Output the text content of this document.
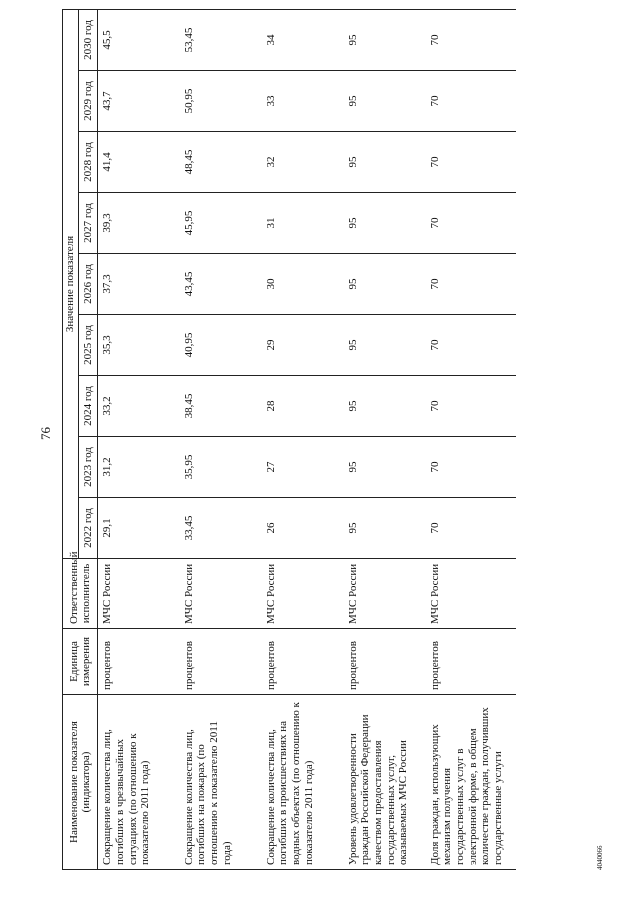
76
4040066
Наименование показателя (индикатора)	Единица измерения	Ответственный исполнитель	Значение показателя								
			2022 год	2023 год	2024 год	2025 год	2026 год	2027 год	2028 год	2029 год	2030 год
Сокращение количества лиц, погибших в чрезвычайных ситуациях (по отношению к показателю 2011 года)	процентов	МЧС России	29,1	31,2	33,2	35,3	37,3	39,3	41,4	43,7	45,5
Сокращение количества лиц, погибших на пожарах (по отношению к показателю 2011 года)	процентов	МЧС России	33,45	35,95	38,45	40,95	43,45	45,95	48,45	50,95	53,45
Сокращение количества лиц, погибших в происшествиях на водных объектах (по отношению к показателю 2011 года)	процентов	МЧС России	26	27	28	29	30	31	32	33	34
Уровень удовлетворенности граждан Российской Федерации качеством предоставления государственных услуг, оказываемых МЧС России	процентов	МЧС России	95	95	95	95	95	95	95	95	95
Доля граждан, использующих механизм получения государственных услуг в электронной форме, в общем количестве граждан, получивших государственные услуги	процентов	МЧС России	70	70	70	70	70	70	70	70	70
